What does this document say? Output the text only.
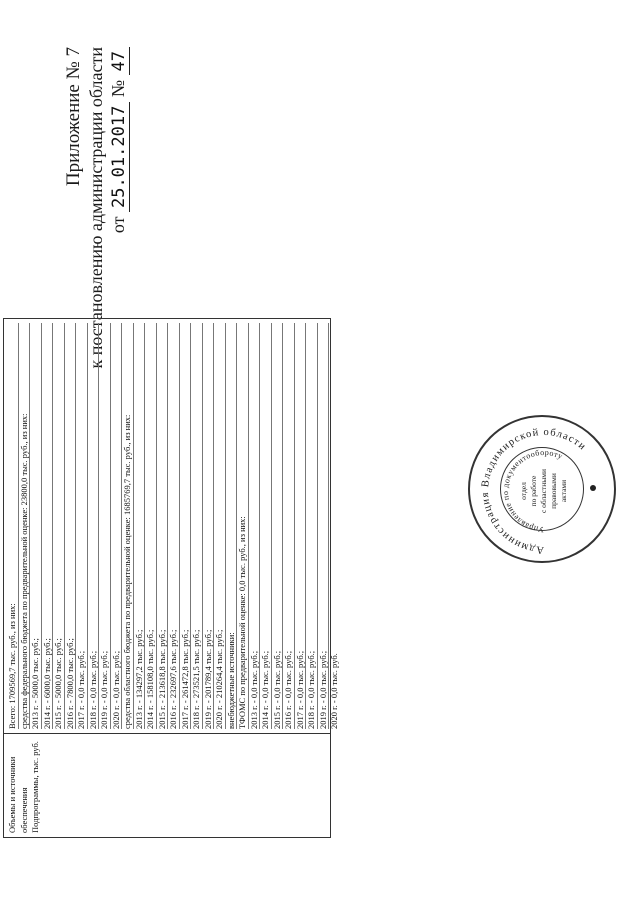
Приложение № 7 к постановлению администрации области от 25.01.2017 № 47
Объемы и источники обеспечения Подпрограммы, тыс. руб.
Всего: 1709569,7 тыс. руб., из них: средства федерального бюджета по предварительной оценке: 23800,0 тыс. руб., из них: 2013 г. - 5000,0 тыс. руб.; 2014 г. - 6000,0 тыс. руб.; 2015 г. - 5000,0 тыс. руб.; 2016 г. - 7800,0 тыс. руб.; 2017 г. - 0,0 тыс. руб.; 2018 г. - 0,0 тыс. руб.; 2019 г. - 0,0 тыс. руб.; 2020 г. - 0,0 тыс. руб.; средства областного бюджета по предварительной оценке: 1685769,7 тыс. руб., из них: 2013 г. - 134297,2 тыс. руб.; 2014 г. - 158108,0 тыс. руб.; 2015 г. - 213618,8 тыс. руб.; 2016 г. - 232697,6 тыс. руб.; 2017 г. - 261472,8 тыс. руб.; 2018 г. - 273521,5 тыс. руб.; 2019 г. - 201789,4 тыс. руб.; 2020 г. - 210264,4 тыс. руб.; внебюджетные источники: ТФОМС по предварительной оценке: 0,0 тыс. руб., из них: 2013 г. - 0,0 тыс. руб.; 2014 г. - 0,0 тыс. руб.; 2015 г. - 0,0 тыс. руб.; 2016 г. - 0,0 тыс. руб.; 2017 г. - 0,0 тыс. руб.; 2018 г. - 0,0 тыс. руб.; 2019 г. - 0,0 тыс. руб.; 2020 г. - 0,0 тыс. руб.
Администрация Владимирской области
Управление по документообороту
отдел по работе с областными правовыми актами
